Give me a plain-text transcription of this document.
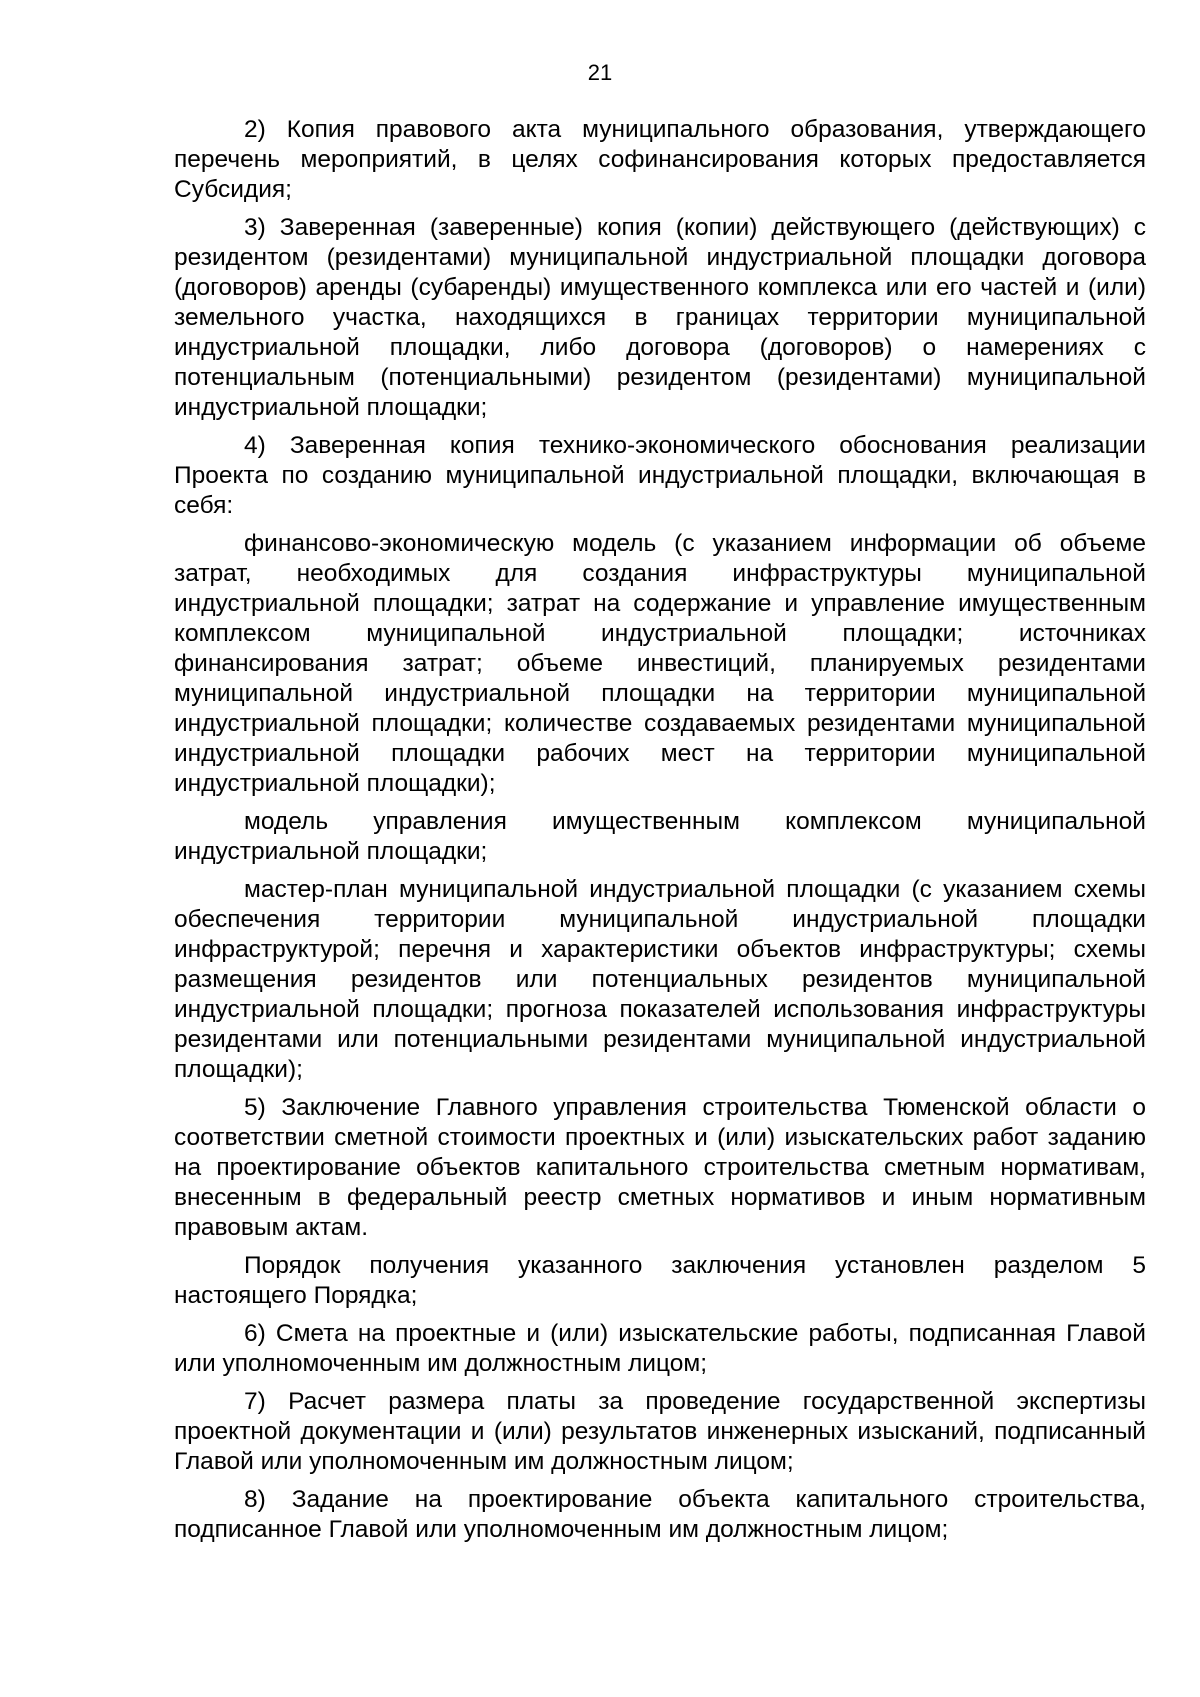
21

2) Копия правового акта муниципального образования, утверждающего перечень мероприятий, в целях софинансирования которых предоставляется Субсидия;

3) Заверенная (заверенные) копия (копии) действующего (действующих) с резидентом (резидентами) муниципальной индустриальной площадки договора (договоров) аренды (субаренды) имущественного комплекса или его частей и (или) земельного участка, находящихся в границах территории муниципальной индустриальной площадки, либо договора (договоров) о намерениях с потенциальным (потенциальными) резидентом (резидентами) муниципальной индустриальной площадки;

4) Заверенная копия технико-экономического обоснования реализации Проекта по созданию муниципальной индустриальной площадки, включающая в себя:

финансово-экономическую модель (с указанием информации об объеме затрат, необходимых для создания инфраструктуры муниципальной индустриальной площадки; затрат на содержание и управление имущественным комплексом муниципальной индустриальной площадки; источниках финансирования затрат; объеме инвестиций, планируемых резидентами муниципальной индустриальной площадки на территории муниципальной индустриальной площадки; количестве создаваемых резидентами муниципальной индустриальной площадки рабочих мест на территории муниципальной индустриальной площадки);

модель управления имущественным комплексом муниципальной индустриальной площадки;

мастер-план муниципальной индустриальной площадки (с указанием схемы обеспечения территории муниципальной индустриальной площадки инфраструктурой; перечня и характеристики объектов инфраструктуры; схемы размещения резидентов или потенциальных резидентов муниципальной индустриальной площадки; прогноза показателей использования инфраструктуры резидентами или потенциальными резидентами муниципальной индустриальной площадки);

5) Заключение Главного управления строительства Тюменской области о соответствии сметной стоимости проектных и (или) изыскательских работ заданию на проектирование объектов капитального строительства сметным нормативам, внесенным в федеральный реестр сметных нормативов и иным нормативным правовым актам.

Порядок получения указанного заключения установлен разделом 5 настоящего Порядка;

6) Смета на проектные и (или) изыскательские работы, подписанная Главой или уполномоченным им должностным лицом;

7) Расчет размера платы за проведение государственной экспертизы проектной документации и (или) результатов инженерных изысканий, подписанный Главой или уполномоченным им должностным лицом;

8) Задание на проектирование объекта капитального строительства, подписанное Главой или уполномоченным им должностным лицом;
